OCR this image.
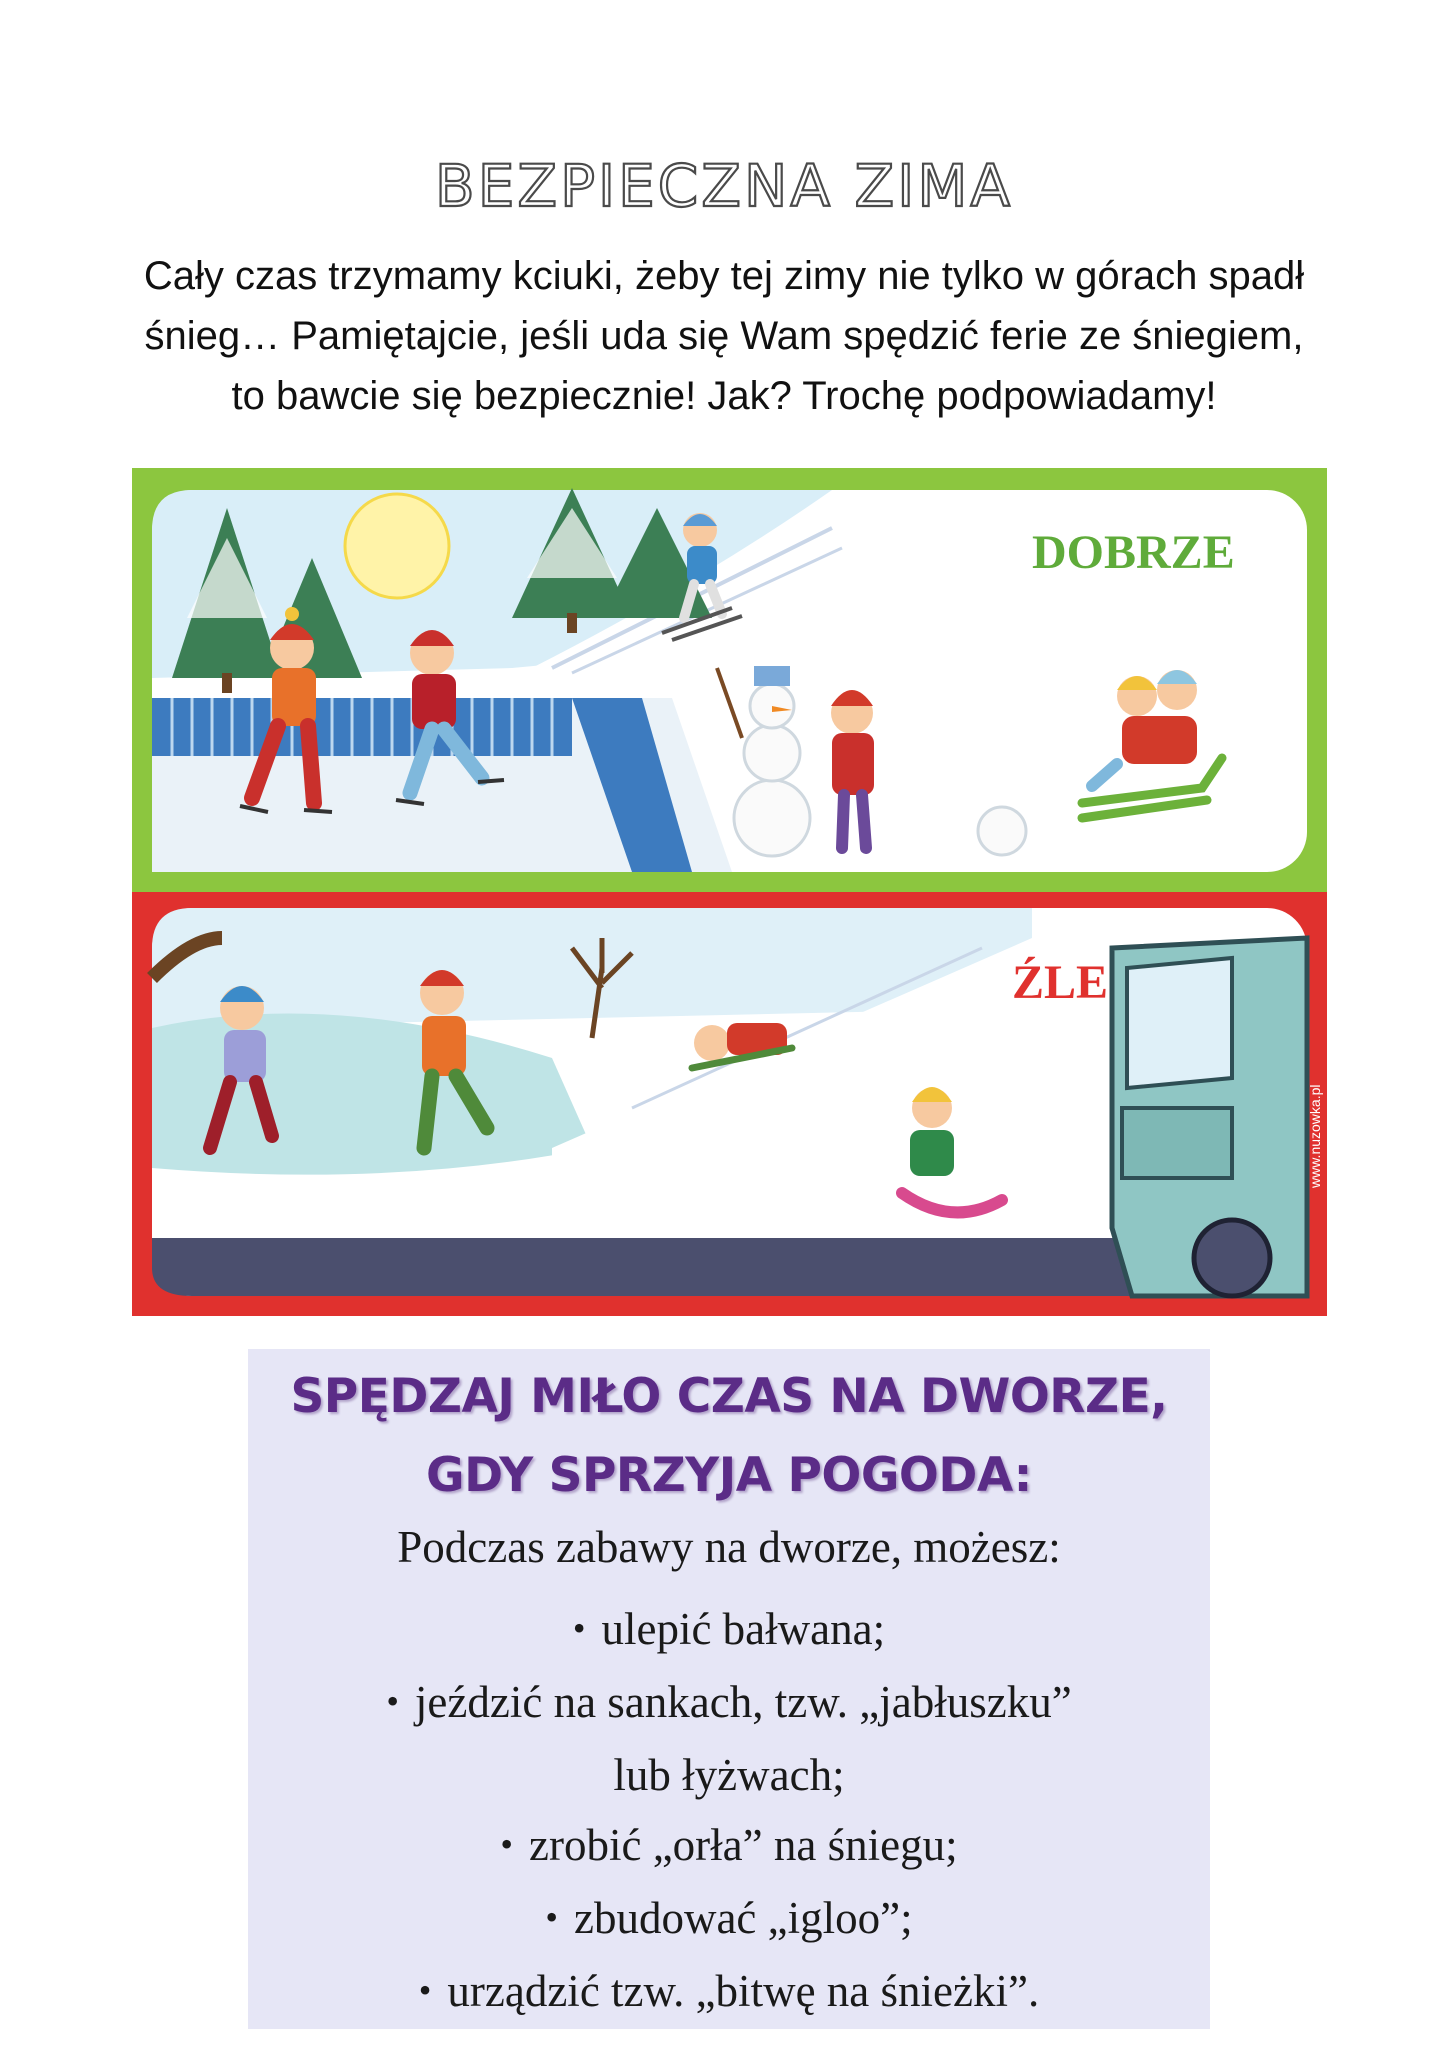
BEZPIECZNA ZIMA
Cały czas trzymamy kciuki, żeby tej zimy nie tylko w górach spadł
śnieg… Pamiętajcie, jeśli uda się Wam spędzić ferie ze śniegiem,
to bawcie się bezpiecznie! Jak? Trochę podpowiadamy!
DOBRZE
www.nuzowka.pl
ŹLE
SPĘDZAJ MIŁO CZAS NA DWORZE,
GDY SPRZYJA POGODA:

Podczas zabawy na dworze, możesz:

• ulepić bałwana;
• jeździć na sankach, tzw. „jabłuszku”
lub łyżwach;
• zrobić „orła” na śniegu;
• zbudować „igloo”;
• urządzić tzw. „bitwę na śnieżki”.
